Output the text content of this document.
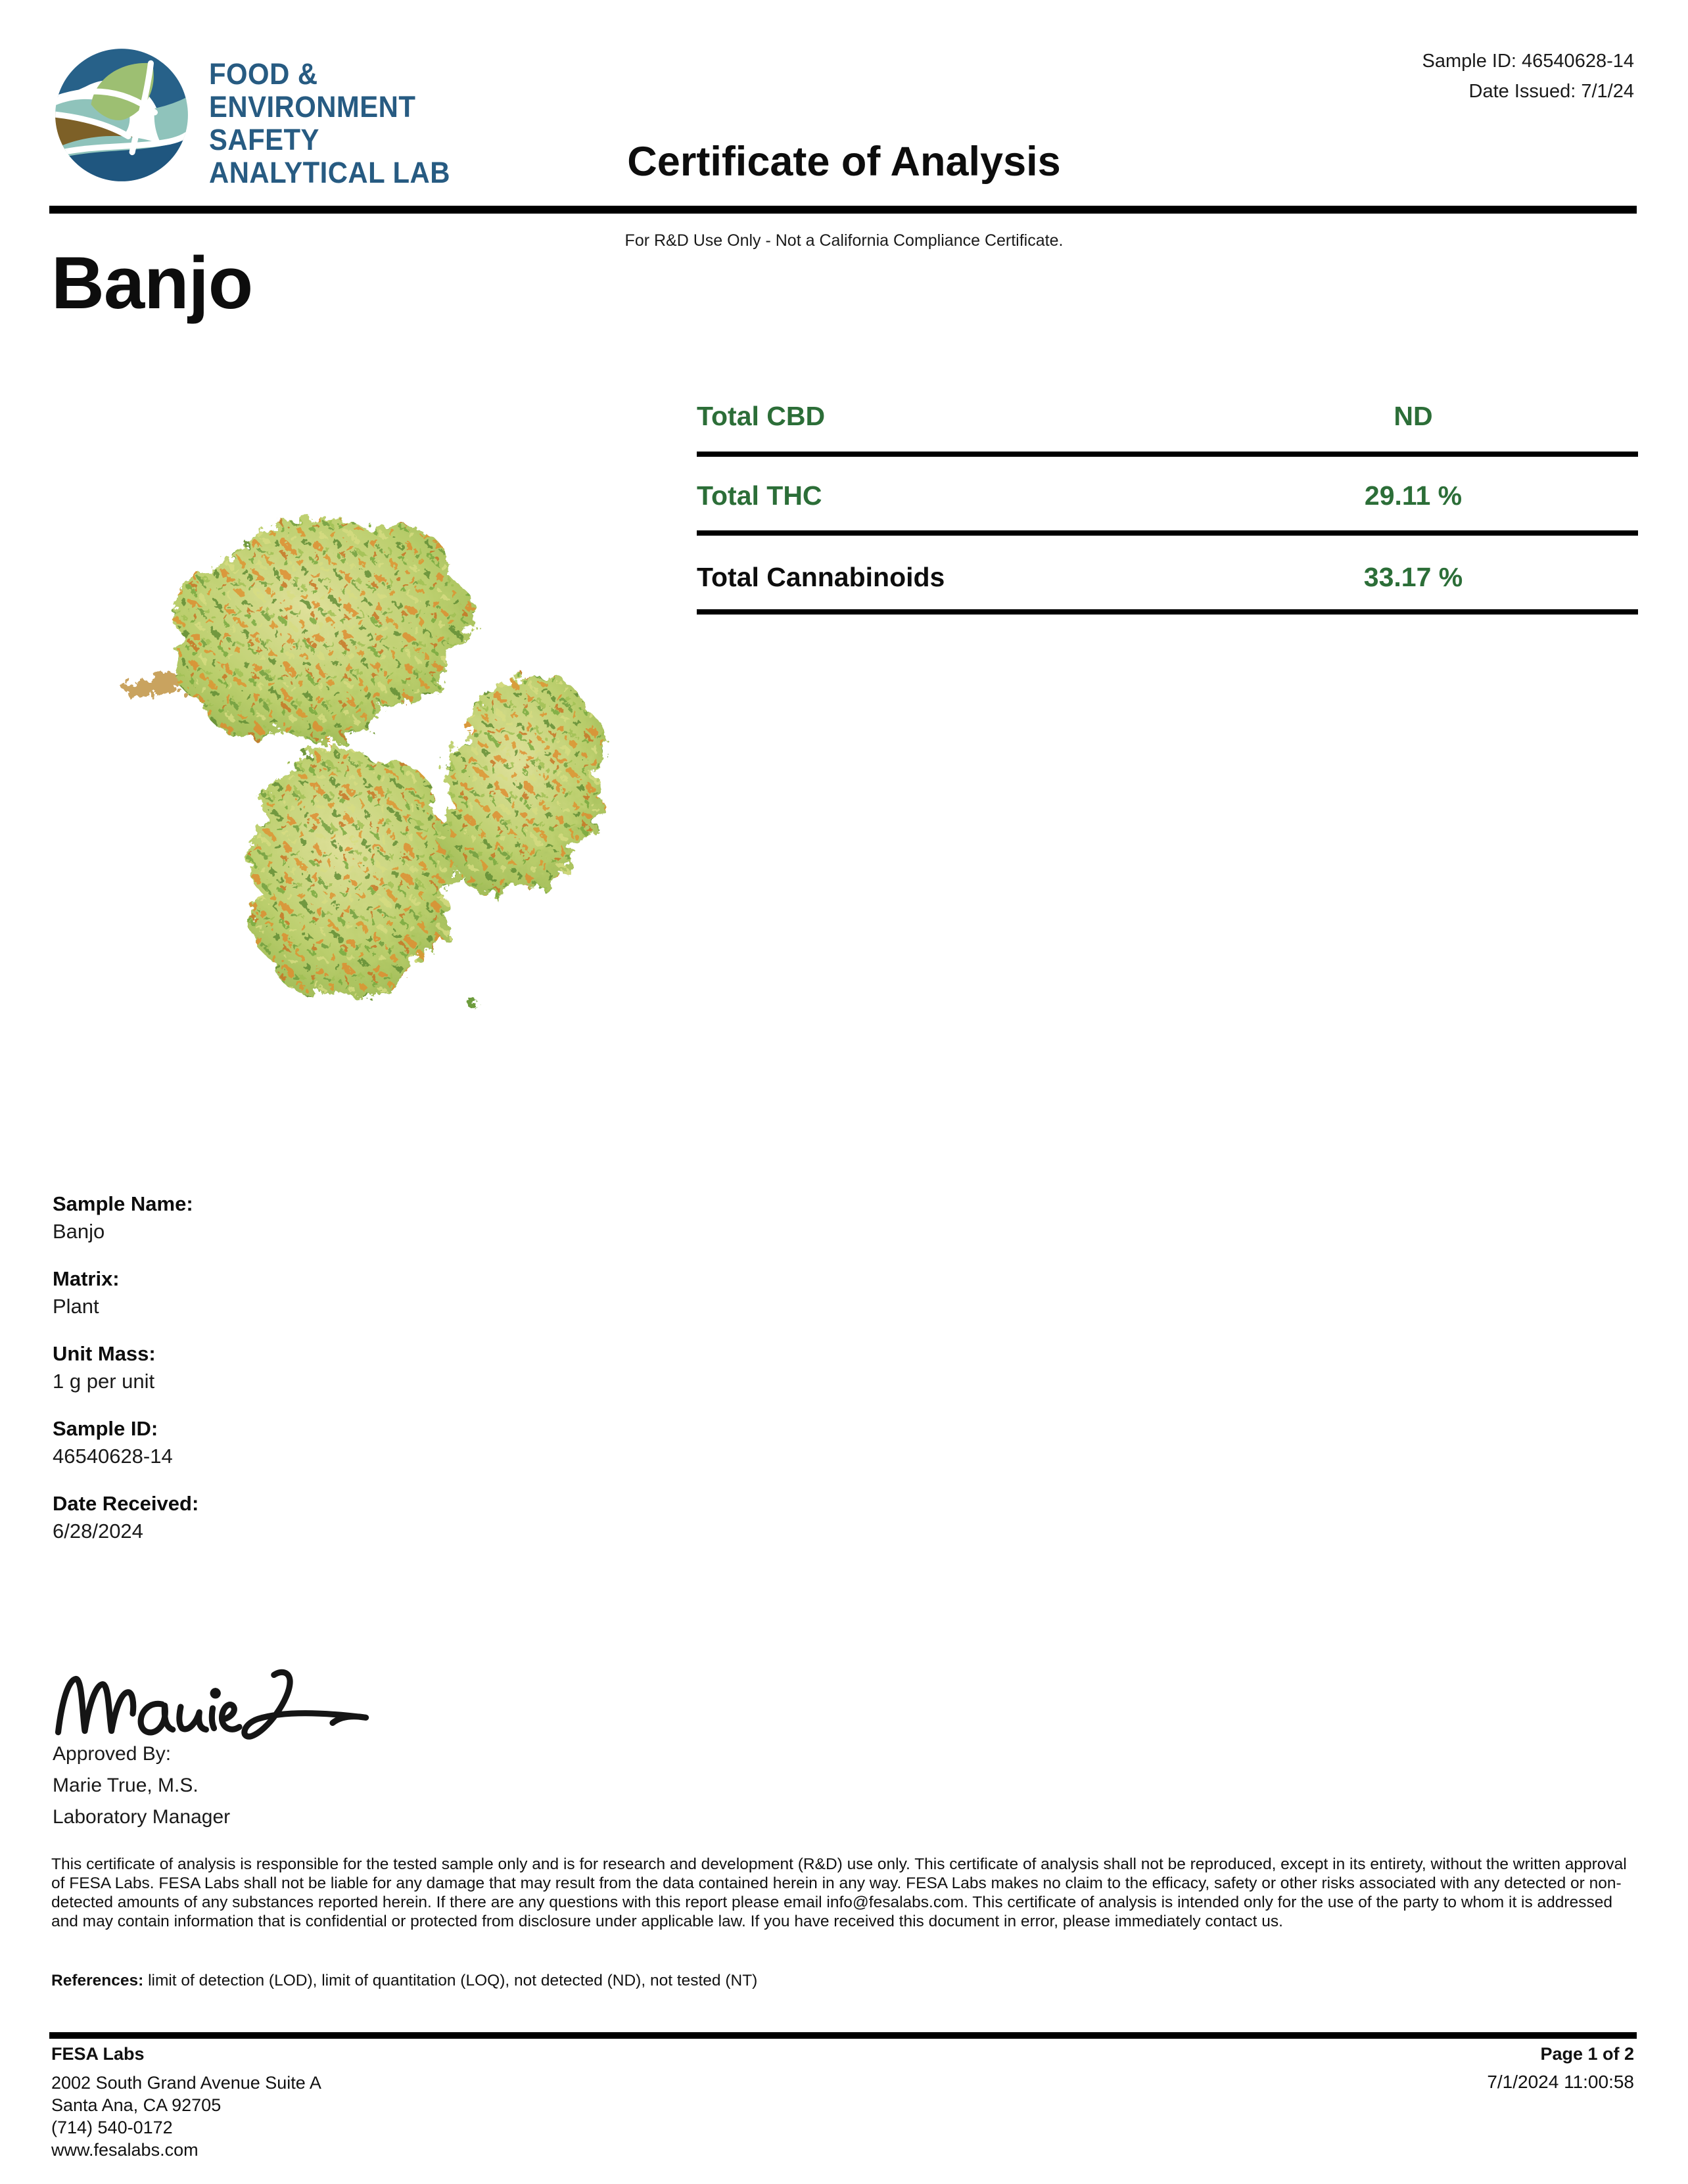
FOOD &
ENVIRONMENT
SAFETY
ANALYTICAL LAB
Sample ID: 46540628-14
Date Issued: 7/1/24
Certificate of Analysis
For R&D Use Only - Not a California Compliance Certificate.
Banjo
Total CBD	ND
Total THC	29.11 %
Total Cannabinoids	33.17 %
Sample Name:
Banjo
Matrix:
Plant
Unit Mass:
1 g per unit
Sample ID:
46540628-14
Date Received:
6/28/2024
Approved By:
Marie True, M.S.
Laboratory Manager
This certificate of analysis is responsible for the tested sample only and is for research and development (R&D) use only. This certificate of analysis shall not be reproduced, except in its entirety, without the written approval of FESA Labs. FESA Labs shall not be liable for any damage that may result from the data contained herein in any way. FESA Labs makes no claim to the efficacy, safety or other risks associated with any detected or non-detected amounts of any substances reported herein. If there are any questions with this report please email info@fesalabs.com. This certificate of analysis is intended only for the use of the party to whom it is addressed and may contain information that is confidential or protected from disclosure under applicable law. If you have received this document in error, please immediately contact us.
References: limit of detection (LOD), limit of quantitation (LOQ), not detected (ND), not tested (NT)
FESA Labs
2002 South Grand Avenue Suite A
Santa Ana, CA 92705
(714) 540-0172
www.fesalabs.com
Page 1 of 2
7/1/2024 11:00:58
